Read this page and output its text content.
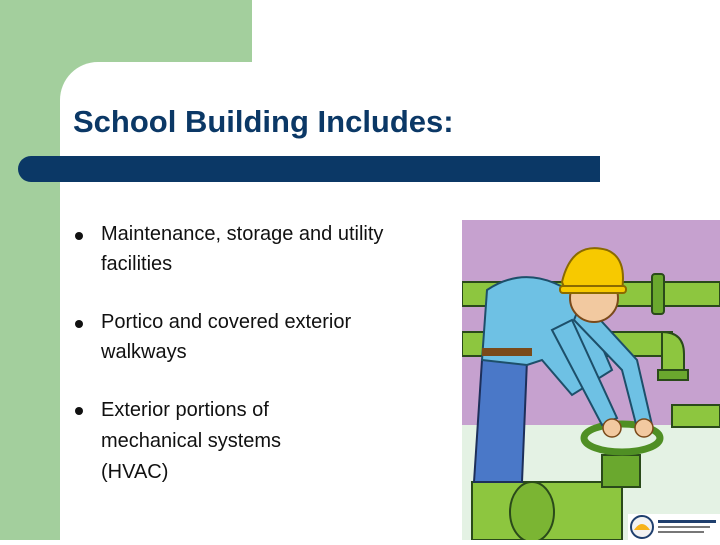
School Building Includes:
Maintenance, storage and utility
facilities
Portico and covered exterior
walkways
Exterior portions of
mechanical systems
(HVAC)
